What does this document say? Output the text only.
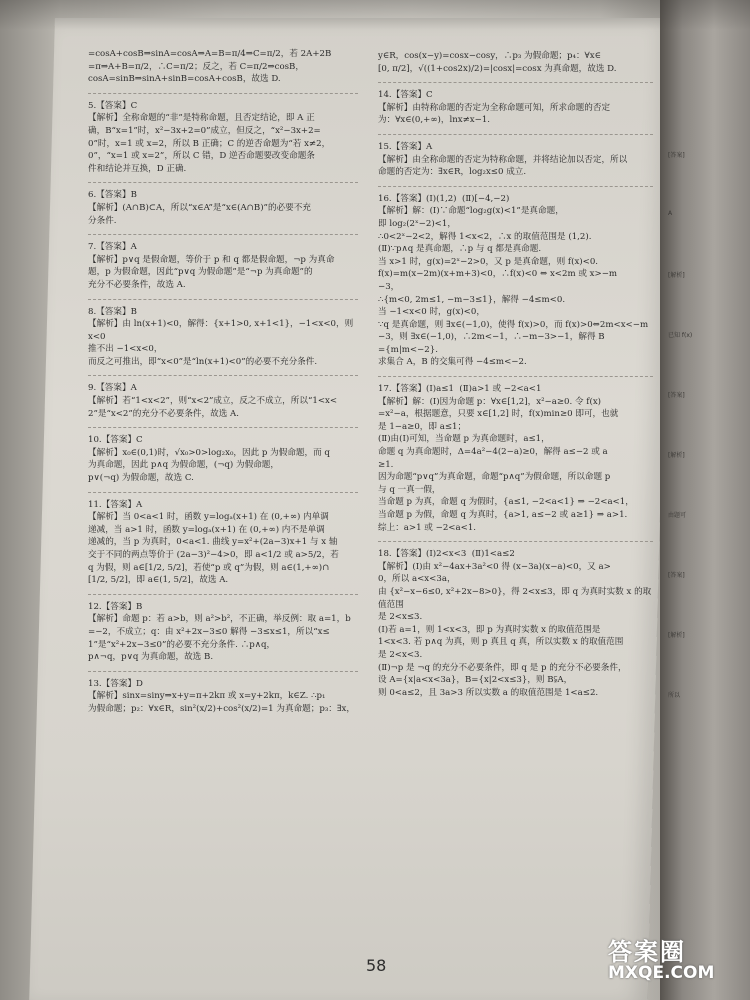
=cosA+cosB⇒sinA=cosA⇒A=B=π/4⇒C=π/2，若 2A+2B
=π⇒A+B=π/2，∴C=π/2；反之，若 C=π/2⇒cosB，
cosA=sinB⇒sinA+sinB=cosA+cosB，故选 D.
5.【答案】C
【解析】全称命题的“非”是特称命题，且否定结论，即 A 正
确，B“x=1”时，x²−3x+2=0”成立，但反之，“x²−3x+2=
0”时，x=1 或 x=2，所以 B 正确；C 的逆否命题为“若 x≠2，
0”，“x=1 或 x=2”，所以 C 错，D 逆否命题要改变命题条
件和结论并互换，D 正确.
6.【答案】B
【解析】(A∩B)⊂A，所以“x∈A”是“x∈(A∩B)”的必要不充
分条件.
7.【答案】A
【解析】p∨q 是假命题，等价于 p 和 q 都是假命题，¬p 为真命
题，p 为假命题，因此“p∨q 为假命题”是“¬p 为真命题”的
充分不必要条件，故选 A.
8.【答案】B
【解析】由 ln(x+1)<0，解得：{x+1>0, x+1<1}，−1<x<0，则 x<0
推不出 −1<x<0，
而反之可推出，即“x<0”是“ln(x+1)<0”的必要不充分条件.
9.【答案】A
【解析】若“1<x<2”，则“x<2”成立，反之不成立，所以“1<x<
2”是“x<2”的充分不必要条件，故选 A.
10.【答案】C
【解析】x₀∈(0,1)时，√x₀>0>log₂x₀，因此 p 为假命题，而 q
为真命题，因此 p∧q 为假命题，(¬q) 为假命题，
p∨(¬q) 为假命题，故选 C.
11.【答案】A
【解析】当 0<a<1 时，函数 y=logₐ(x+1) 在 (0,+∞) 内单调
递减，当 a>1 时，函数 y=logₐ(x+1) 在 (0,+∞) 内不是单调
递减的，当 p 为真时，0<a<1. 曲线 y=x²+(2a−3)x+1 与 x 轴
交于不同的两点等价于 (2a−3)²−4>0，即 a<1/2 或 a>5/2，若
q 为假，则 a∈[1/2, 5/2]，若使“p 或 q”为假，则 a∈(1,+∞)∩
[1/2, 5/2]，即 a∈(1, 5/2]，故选 A.
12.【答案】B
【解析】命题 p：若 a>b，则 a²>b²，不正确，举反例：取 a=1，b
=−2，不成立；q：由 x²+2x−3≤0 解得 −3≤x≤1，所以“x≤
1”是“x²+2x−3≤0”的必要不充分条件. ∴p∧q，
p∧¬q，p∨q 为真命题，故选 B.
13.【答案】D
【解析】sinx=siny⇒x+y=π+2kπ 或 x=y+2kπ，k∈Z. ∴p₁
为假命题；p₂：∀x∈R，sin²(x/2)+cos²(x/2)=1 为真命题；p₃：∃x，
y∈R，cos(x−y)=cosx−cosy，∴p₃ 为假命题；p₄：∀x∈
[0, π/2]，√((1+cos2x)/2)=|cosx|=cosx 为真命题，故选 D.
14.【答案】C
【解析】由特称命题的否定为全称命题可知，所求命题的否定
为：∀x∈(0,+∞)，lnx≠x−1.
15.【答案】A
【解析】由全称命题的否定为特称命题，并将结论加以否定，所以
命题的否定为：∃x∈R，log₂x≤0 成立.
16.【答案】(Ⅰ)(1,2)  (Ⅱ)[−4,−2)
【解析】解：(Ⅰ)∵命题“log₂g(x)<1”是真命题，
即 log₂(2ˣ−2)<1，
∴0<2ˣ−2<2，解得 1<x<2，∴x 的取值范围是 (1,2).
(Ⅱ)∵p∧q 是真命题，∴p 与 q 都是真命题.
当 x>1 时，g(x)=2ˣ−2>0，又 p 是真命题，则 f(x)<0.
f(x)=m(x−2m)(x+m+3)<0，∴f(x)<0 ⇔ x<2m 或 x>−m
−3，
∴{m<0, 2m≤1, −m−3≤1}，解得 −4≤m<0.
当 −1<x<0 时，g(x)<0，
∵q 是真命题，则 ∃x∈(−1,0)，使得 f(x)>0，而 f(x)>0⇔2m<x<−m
−3，则 ∃x∈(−1,0)，∴2m<−1，∴−m−3>−1，解得 B
={m|m<−2}.
求集合 A，B 的交集可得 −4≤m<−2.
17.【答案】(Ⅰ)a≤1  (Ⅱ)a>1 或 −2<a<1
【解析】解：(Ⅰ)因为命题 p：∀x∈[1,2]，x²−a≥0. 令 f(x)
=x²−a，根据题意，只要 x∈[1,2] 时，f(x)min≥0 即可，也就
是 1−a≥0，即 a≤1；
(Ⅱ)由(Ⅰ)可知，当命题 p 为真命题时，a≤1，
命题 q 为真命题时，Δ=4a²−4(2−a)≥0，解得 a≤−2 或 a
≥1.
因为命题“p∨q”为真命题，命题“p∧q”为假命题，所以命题 p
与 q 一真一假，
当命题 p 为真，命题 q 为假时，{a≤1, −2<a<1} ⇒ −2<a<1，
当命题 p 为假，命题 q 为真时，{a>1, a≤−2 或 a≥1} ⇒ a>1.
综上：a>1 或 −2<a<1.
18.【答案】(Ⅰ)2<x<3  (Ⅱ)1<a≤2
【解析】(Ⅰ)由 x²−4ax+3a²<0 得 (x−3a)(x−a)<0，又 a>
0，所以 a<x<3a，
由 {x²−x−6≤0, x²+2x−8>0}，得 2<x≤3，即 q 为真时实数 x 的取值范围
是 2<x≤3.
(Ⅰ)若 a=1，则 1<x<3，即 p 为真时实数 x 的取值范围是
1<x<3. 若 p∧q 为真，则 p 真且 q 真，所以实数 x 的取值范围
是 2<x<3.
(Ⅱ)¬p 是 ¬q 的充分不必要条件，即 q 是 p 的充分不必要条件，
设 A={x|a<x<3a}，B={x|2<x≤3}，则 B⫋A，
则 0<a≤2，且 3a>3 所以实数 a 的取值范围是 1<a≤2.
[答案]
A
[解析]
已知 f(x)
[答案]
[解析]
由题可
[答案]
[解析]
所以
58	答案圈
MXQE.COM
